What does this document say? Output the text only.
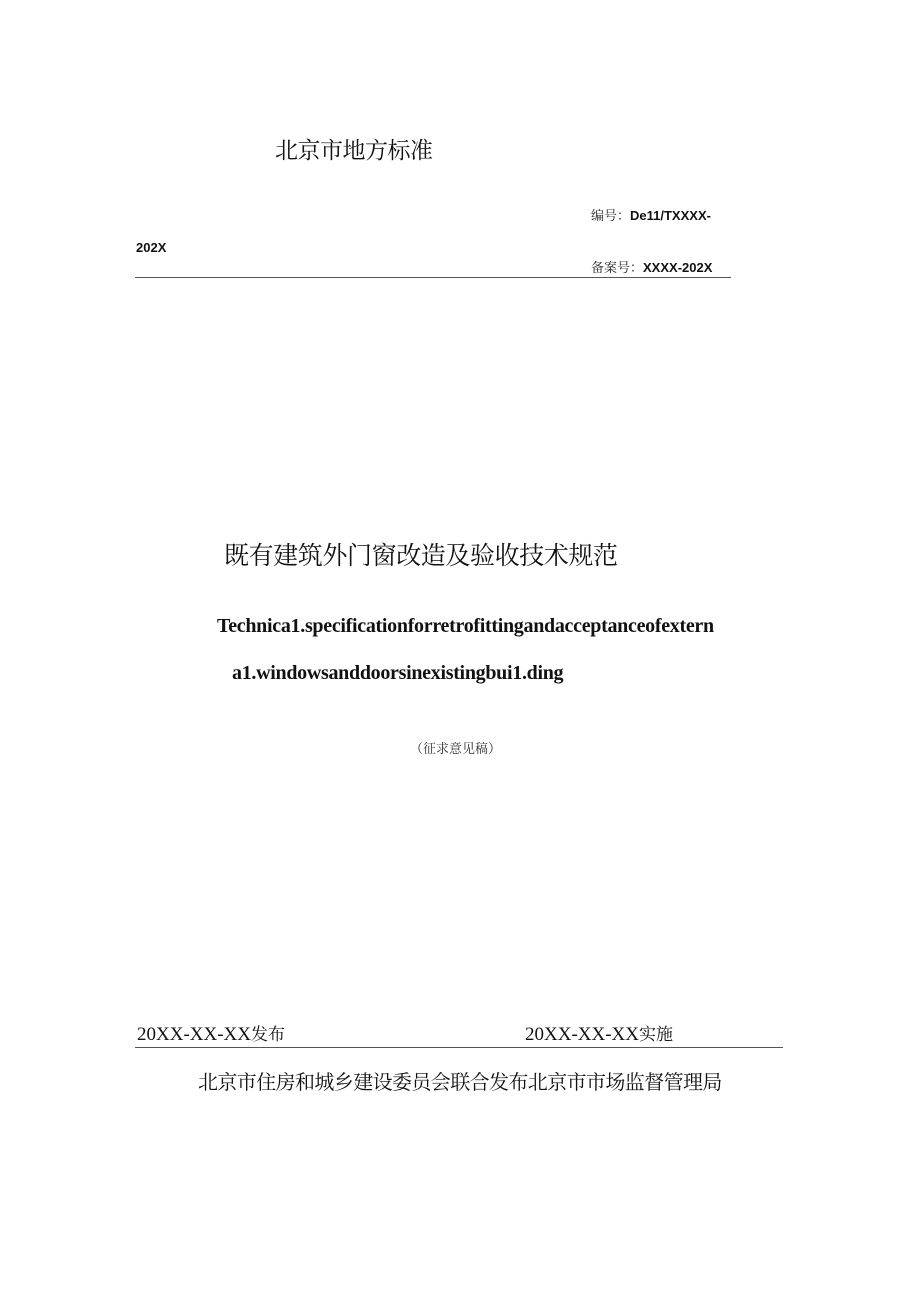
北京市地方标准
编号：De11/TXXXX-
202X
备案号：XXXX-202X
既有建筑外门窗改造及验收技术规范
Technica1.specificationforretrofittingandacceptanceofextern
a1.windowsanddoorsinexistingbui1.ding
（征求意见稿）
20XX-XX-XX发布	20XX-XX-XX实施
北京市住房和城乡建设委员会联合发布北京市市场监督管理局
